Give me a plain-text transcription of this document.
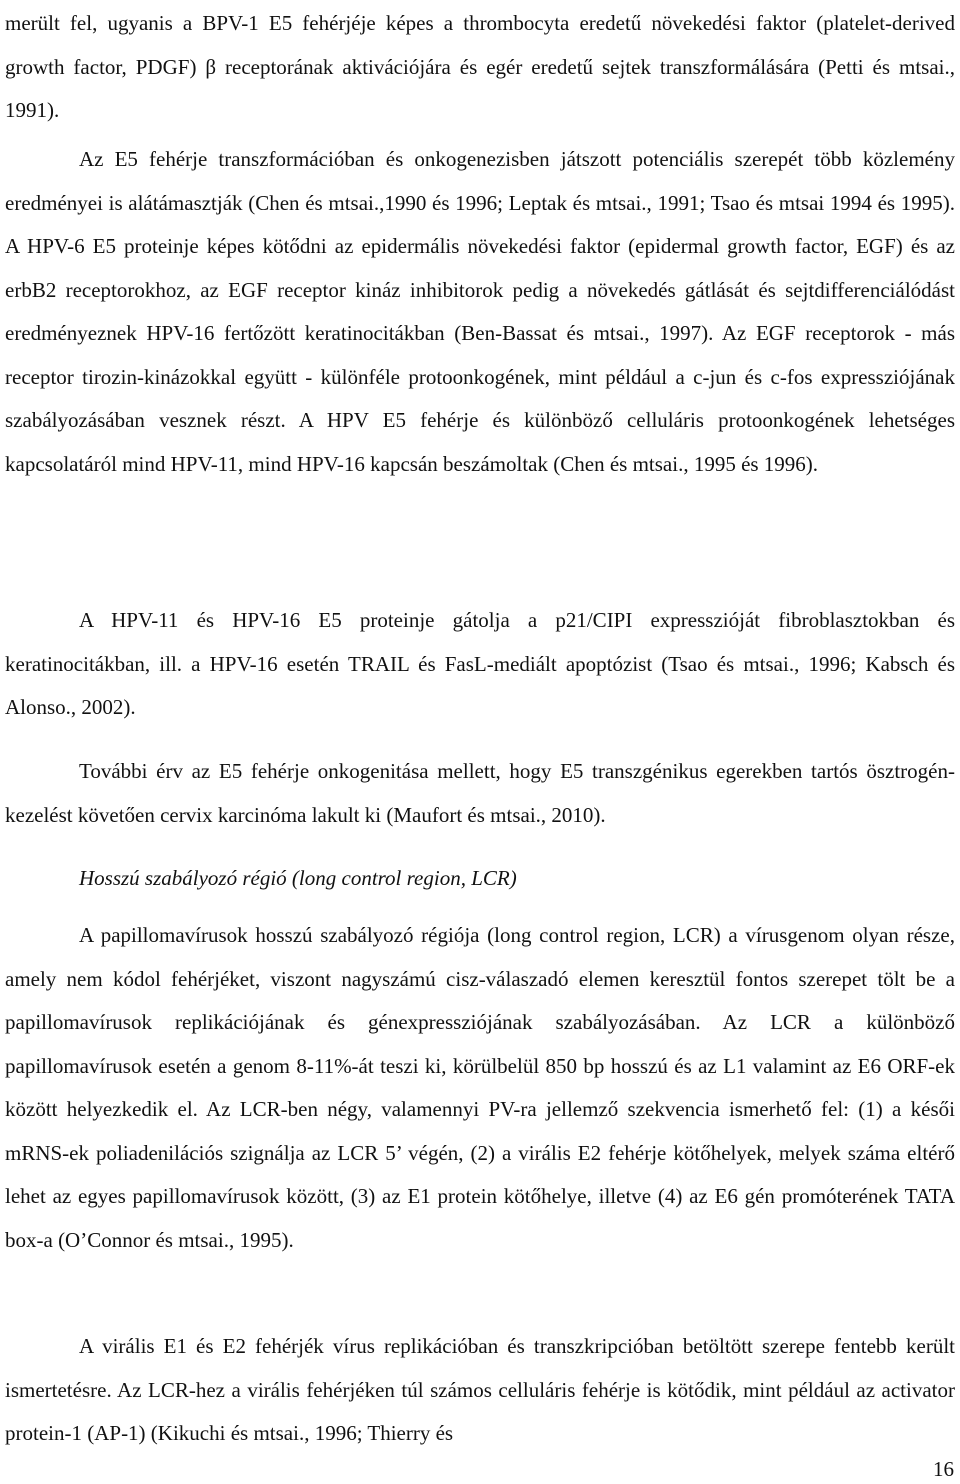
merült fel, ugyanis a BPV-1 E5 fehérjéje képes a thrombocyta eredetű növekedési faktor (platelet-derived growth factor, PDGF) β receptorának aktivációjára és egér eredetű sejtek transzformálására (Petti és mtsai., 1991).

Az E5 fehérje transzformációban és onkogenezisben játszott potenciális szerepét több közlemény eredményei is alátámasztják (Chen és mtsai.,1990 és 1996; Leptak és mtsai., 1991; Tsao és mtsai 1994 és 1995). A HPV-6 E5 proteinje képes kötődni az epidermális növekedési faktor (epidermal growth factor, EGF) és az erbB2 receptorokhoz, az EGF receptor kináz inhibitorok pedig a növekedés gátlását és sejtdifferenciálódást eredményeznek HPV-16 fertőzött keratinocitákban (Ben-Bassat és mtsai., 1997). Az EGF receptorok - más receptor tirozin-kinázokkal együtt - különféle protoonkogének, mint például a c-jun és c-fos expressziójának szabályozásában vesznek részt. A HPV E5 fehérje és különböző celluláris protoonkogének lehetséges kapcsolatáról mind HPV-11, mind HPV-16 kapcsán beszámoltak (Chen és mtsai., 1995 és 1996).

A HPV-11 és HPV-16 E5 proteinje gátolja a p21/CIPI expresszióját fibroblasztokban és keratinocitákban, ill. a HPV-16 esetén TRAIL és FasL-mediált apoptózist (Tsao és mtsai., 1996; Kabsch és Alonso., 2002).

További érv az E5 fehérje onkogenitása mellett, hogy E5 transzgénikus egerekben tartós ösztrogén-kezelést követően cervix karcinóma lakult ki (Maufort és mtsai., 2010).

Hosszú szabályozó régió (long control region, LCR)

A papillomavírusok hosszú szabályozó régiója (long control region, LCR) a vírusgenom olyan része, amely nem kódol fehérjéket, viszont nagyszámú cisz-válaszadó elemen keresztül fontos szerepet tölt be a papillomavírusok replikációjának és génexpressziójának szabályozásában. Az LCR a különböző papillomavírusok esetén a genom 8-11%-át teszi ki, körülbelül 850 bp hosszú és az L1 valamint az E6 ORF-ek között helyezkedik el. Az LCR-ben négy, valamennyi PV-ra jellemző szekvencia ismerhető fel: (1) a késői mRNS-ek poliadenilációs szignálja az LCR 5’ végén, (2) a virális E2 fehérje kötőhelyek, melyek száma eltérő lehet az egyes papillomavírusok között, (3) az E1 protein kötőhelye, illetve (4) az E6 gén promóterének TATA box-a (O’Connor és mtsai., 1995).

A virális E1 és E2 fehérjék vírus replikációban és transzkripcióban betöltött szerepe fentebb került ismertetésre. Az LCR-hez a virális fehérjéken túl számos celluláris fehérje is kötődik, mint például az activator protein-1 (AP-1) (Kikuchi és mtsai., 1996; Thierry és

16
